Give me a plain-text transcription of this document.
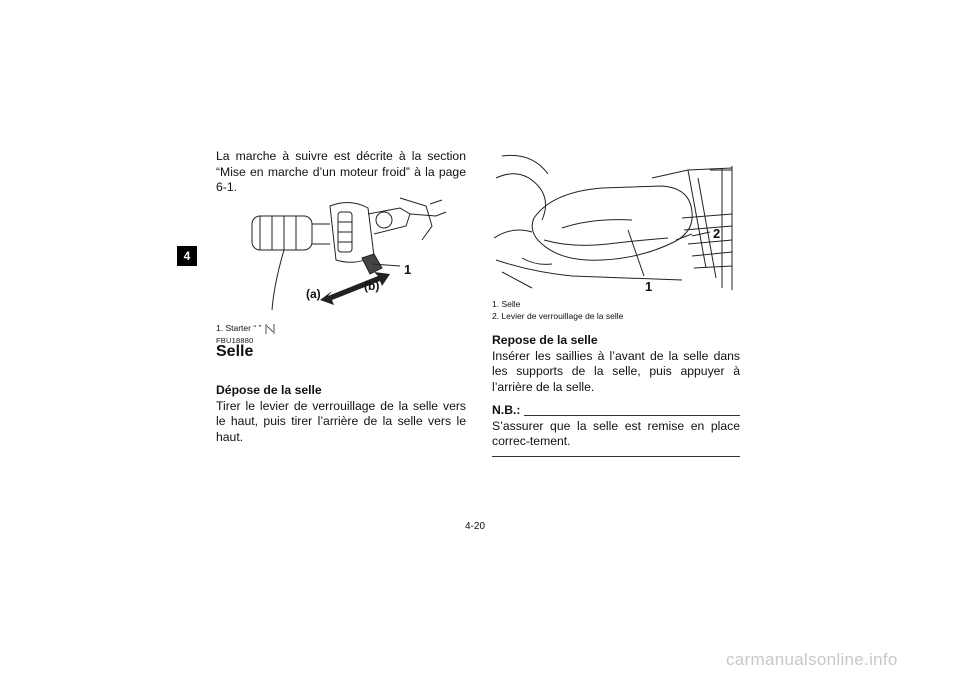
4

La marche à suivre est décrite à la section “Mise en marche d’un moteur froid” à la page 6-1.

1
(a)
(b)

1. Starter “ ”

FBU18880
Selle

Dépose de la selle

Tirer le levier de verrouillage de la selle vers le haut, puis tirer l’arrière de la selle vers le haut.

1
2

1. Selle

2. Levier de verrouillage de la selle

Repose de la selle

Insérer les saillies à l’avant de la selle dans les supports de la selle, puis appuyer à l’arrière de la selle.

N.B.:

S’assurer que la selle est remise en place correc-tement.

4-20
carmanualsonline.info
